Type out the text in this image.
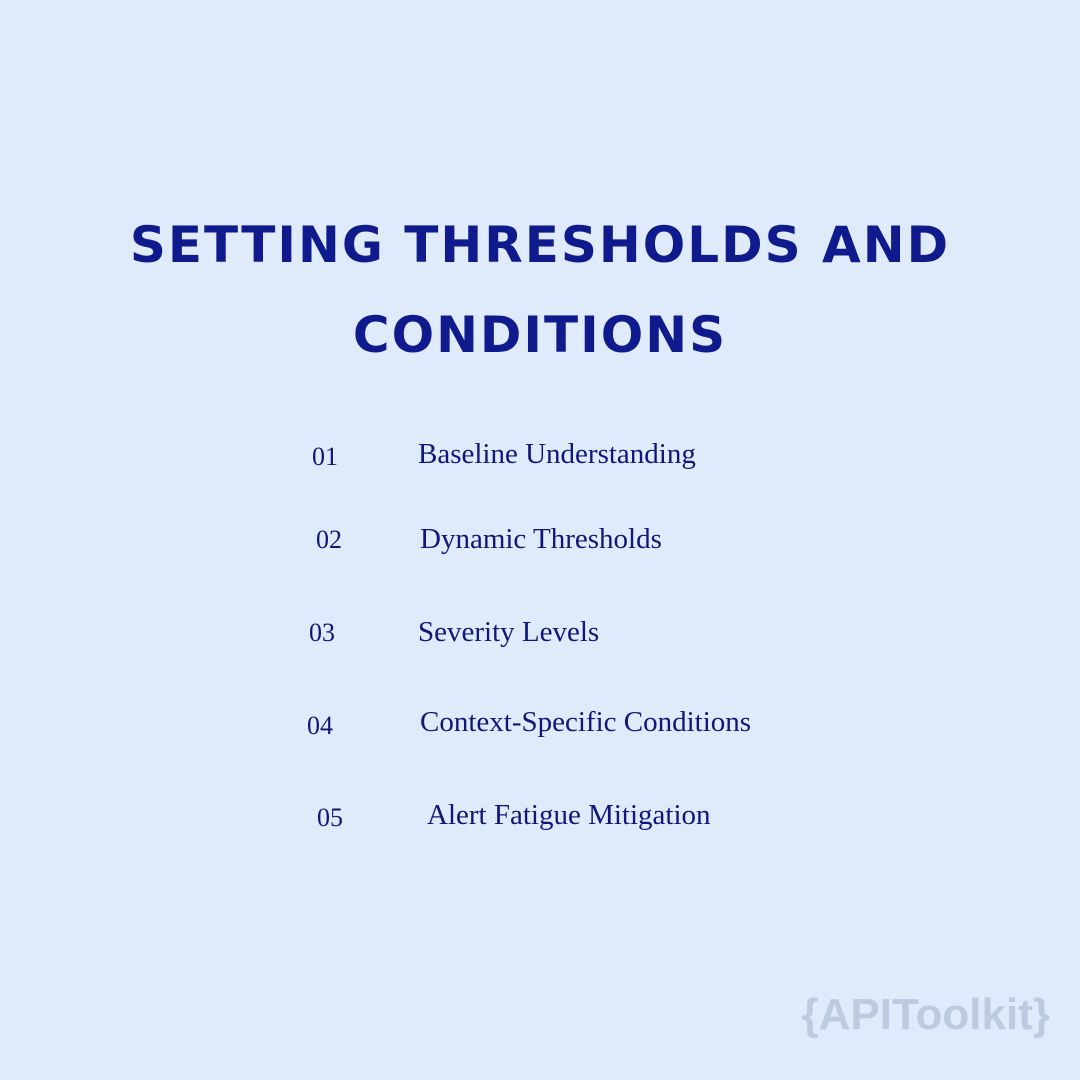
SETTING THRESHOLDS AND
CONDITIONS
01	Baseline Understanding
02	Dynamic Thresholds
03	Severity Levels
04	Context-Specific Conditions
05	Alert Fatigue Mitigation
{APIToolkit}
